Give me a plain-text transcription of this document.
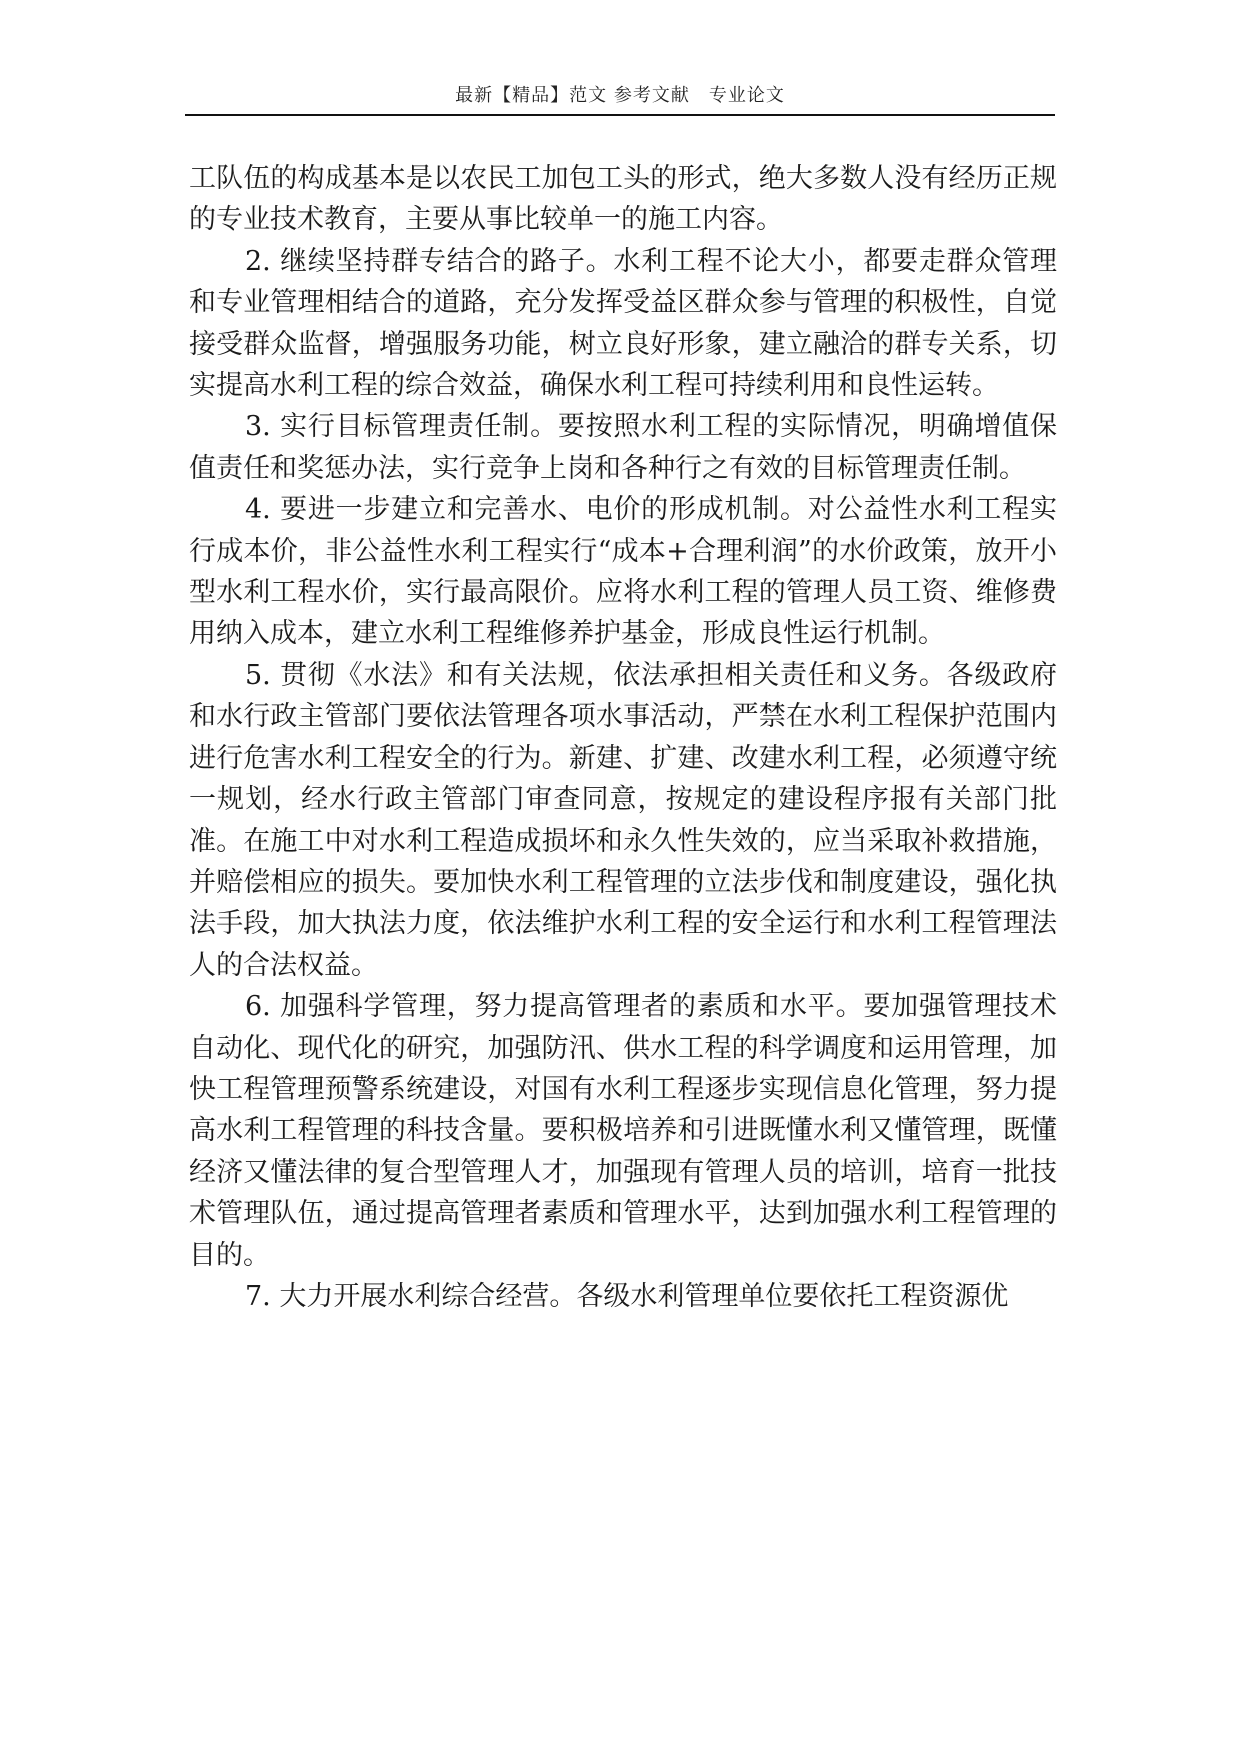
最新【精品】范文 参考文献　专业论文

工队伍的构成基本是以农民工加包工头的形式，绝大多数人没有经历正规的专业技术教育，主要从事比较单一的施工内容。

2. 继续坚持群专结合的路子。水利工程不论大小，都要走群众管理和专业管理相结合的道路，充分发挥受益区群众参与管理的积极性，自觉接受群众监督，增强服务功能，树立良好形象，建立融洽的群专关系，切实提高水利工程的综合效益，确保水利工程可持续利用和良性运转。

3. 实行目标管理责任制。要按照水利工程的实际情况，明确增值保值责任和奖惩办法，实行竞争上岗和各种行之有效的目标管理责任制。

4. 要进一步建立和完善水、电价的形成机制。对公益性水利工程实行成本价，非公益性水利工程实行“成本+合理利润”的水价政策，放开小型水利工程水价，实行最高限价。应将水利工程的管理人员工资、维修费用纳入成本，建立水利工程维修养护基金，形成良性运行机制。

5. 贯彻《水法》和有关法规，依法承担相关责任和义务。各级政府和水行政主管部门要依法管理各项水事活动，严禁在水利工程保护范围内进行危害水利工程安全的行为。新建、扩建、改建水利工程，必须遵守统一规划，经水行政主管部门审查同意，按规定的建设程序报有关部门批准。在施工中对水利工程造成损坏和永久性失效的，应当采取补救措施，并赔偿相应的损失。要加快水利工程管理的立法步伐和制度建设，强化执法手段，加大执法力度，依法维护水利工程的安全运行和水利工程管理法人的合法权益。

6. 加强科学管理，努力提高管理者的素质和水平。要加强管理技术自动化、现代化的研究，加强防汛、供水工程的科学调度和运用管理，加快工程管理预警系统建设，对国有水利工程逐步实现信息化管理，努力提高水利工程管理的科技含量。要积极培养和引进既懂水利又懂管理，既懂经济又懂法律的复合型管理人才，加强现有管理人员的培训，培育一批技术管理队伍，通过提高管理者素质和管理水平，达到加强水利工程管理的目的。

7. 大力开展水利综合经营。各级水利管理单位要依托工程资源优
